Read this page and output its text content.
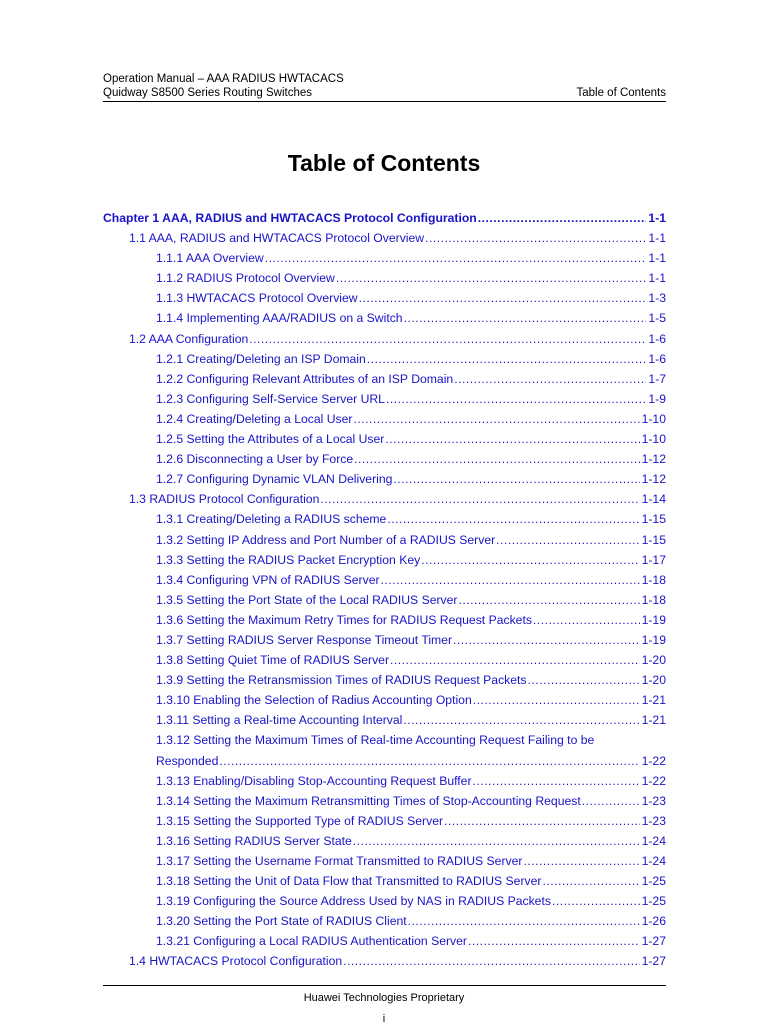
Operation Manual – AAA RADIUS HWTACACS
Quidway S8500 Series Routing Switches	Table of Contents
Table of Contents
Chapter 1 AAA, RADIUS and HWTACACS Protocol Configuration .....	1-1
1.1 AAA, RADIUS and HWTACACS Protocol Overview .....	1-1
1.1.1 AAA Overview .....	1-1
1.1.2 RADIUS Protocol Overview .....	1-1
1.1.3 HWTACACS Protocol Overview .....	1-3
1.1.4 Implementing AAA/RADIUS on a Switch .....	1-5
1.2 AAA Configuration .....	1-6
1.2.1 Creating/Deleting an ISP Domain .....	1-6
1.2.2 Configuring Relevant Attributes of an ISP Domain .....	1-7
1.2.3 Configuring Self-Service Server URL .....	1-9
1.2.4 Creating/Deleting a Local User .....	1-10
1.2.5 Setting the Attributes of a Local User .....	1-10
1.2.6 Disconnecting a User by Force .....	1-12
1.2.7 Configuring Dynamic VLAN Delivering .....	1-12
1.3 RADIUS Protocol Configuration .....	1-14
1.3.1 Creating/Deleting a RADIUS scheme .....	1-15
1.3.2 Setting IP Address and Port Number of a RADIUS Server .....	1-15
1.3.3 Setting the RADIUS Packet Encryption Key .....	1-17
1.3.4 Configuring VPN of RADIUS Server .....	1-18
1.3.5 Setting the Port State of the Local RADIUS Server .....	1-18
1.3.6 Setting the Maximum Retry Times for RADIUS Request Packets .....	1-19
1.3.7 Setting RADIUS Server Response Timeout Timer .....	1-19
1.3.8 Setting Quiet Time of RADIUS Server .....	1-20
1.3.9 Setting the Retransmission Times of RADIUS Request Packets .....	1-20
1.3.10 Enabling the Selection of Radius Accounting Option .....	1-21
1.3.11 Setting a Real-time Accounting Interval .....	1-21
1.3.12 Setting the Maximum Times of Real-time Accounting Request Failing to be
Responded .....	1-22
1.3.13 Enabling/Disabling Stop-Accounting Request Buffer .....	1-22
1.3.14 Setting the Maximum Retransmitting Times of Stop-Accounting Request .....	1-23
1.3.15 Setting the Supported Type of RADIUS Server .....	1-23
1.3.16 Setting RADIUS Server State .....	1-24
1.3.17 Setting the Username Format Transmitted to RADIUS Server .....	1-24
1.3.18 Setting the Unit of Data Flow that Transmitted to RADIUS Server .....	1-25
1.3.19 Configuring the Source Address Used by NAS in RADIUS Packets .....	1-25
1.3.20 Setting the Port State of RADIUS Client .....	1-26
1.3.21 Configuring a Local RADIUS Authentication Server .....	1-27
1.4 HWTACACS Protocol Configuration .....	1-27
Huawei Technologies Proprietary
i
